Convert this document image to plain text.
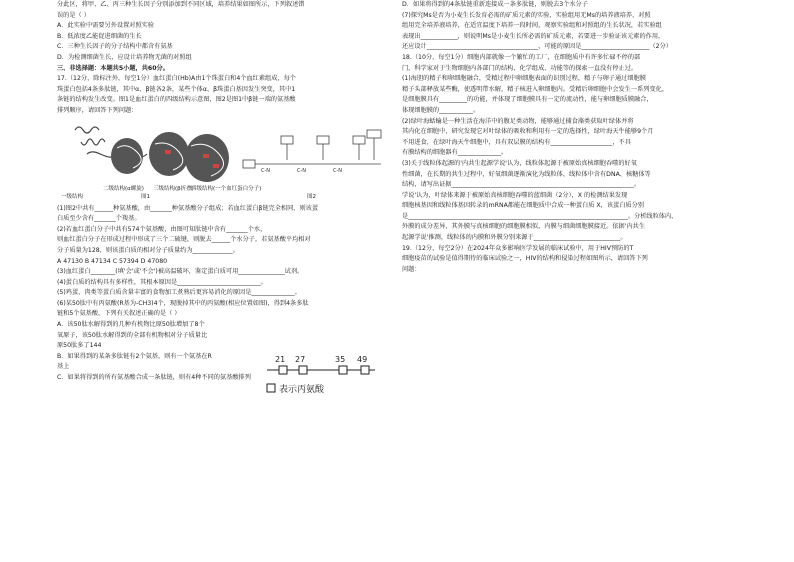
分此区，将甲、乙、丙三种生长因子分别添加到不同区域，培养结果如图所示，下列叙述错
误的是（ ）
A．此实验中需要另外设置对照实验
B．低浓度乙能促进细菌的生长
C．三种生长因子的分子结构中都含有氨基
D．为检测细菌生长，应设计培养物无菌的对照组
三、非选择题：本题共5小题，共60分。
17.（12分，除标注外，每空1分）血红蛋白(Hb)A由1个珠蛋白和4个血红素组成，每个
珠蛋白包括4条多肽链，其中α、β链各2条，某些个体α、β珠蛋白基因发生突变，其中1
条链的结构发生改变。图1是血红蛋白的四级结构示意图，图2是图1中β链一端的氨基酸
排列顺序，请回答下列问题：
一级结构
二级结构(α螺旋) 三级结构(β折叠)
四级结构(一个血红蛋白分子)
图1
C-N	C-N	C-N
图2
(1)图2中共有______种氨基酸，由_______种氨基酸分子组成；若血红蛋白β链完全相同，则该蛋
白质至少含有_______个羧基。
(2)若血红蛋白分子中共有574个氨基酸，由图可知肽链中含有_______个水，
则血红蛋白分子在形成过程中形成了三个二硫键，则脱去______个水分子，若氨基酸平均相对
分子质量为128，则该蛋白质的相对分子质量约为_____________。
A 47130 B 47134 C 57394 D 47080
(3)血红蛋白________(填'会'或'不会')被高温破坏，鉴定蛋白质可用_______________试剂。
(4)蛋白质的结构具有多样性，其根本原因是___________________________。
(5)鸡蛋、肉类等蛋白质含量丰富的食物加工煮熟后更容易消化的原因是______________。
(6)某50肽中有丙氨酸(R基为-CH3)4个，现脱掉其中的丙氨酸(相应位置如图)，得到4条多肽
链和5个氨基酸，下列有关叙述正确的是（ ）
A．该50肽水解得到的几种有机物比原50肽增加了8个
氧原子，该50肽水解得到的全部有机物相对分子质量比
原50肽多了144
B．如果得到的某条多肽链有2个氨基，则有一个氨基在R
基上
C．如果将得到的所有氨基酸合成一条肽链，则有4种不同的氨基酸排列
21 27	35 49
表示丙氨酸
D．如果将得到的4条肽链重新连接成一条多肽链，则脱去3个水分子
(7)探究Ms是否为小麦生长发育必需的矿质元素的实验，实验组用无Ms的培养液培养，对照
组用完全培养液培养，在适宜温度下培养一段时间，观察实验组和对照组的生长状况，若实验组
表现出____________，则说明Ms是小麦生长所必需的矿质元素，若要进一步验证该元素的作用，
还应设计____________________________________，可能的原因是______________________（2分）
18.（10分，每空1分）细胞内部就像一个繁忙的工厂，在细胞质中有许多忙碌不停的部
门，科学家对于生物细胞内各部门的结构、化学组成、功能等的探索一直没有停止过。
(1)海胆的精子和卵细胞融合，受精过程中卵细胞表面的识别过程，精子与卵子通过细胞膜
精子头部释放某些酶，使透明带水解，精子核进入卵细胞内。受精后卵细胞中会发生一系列变化，
是细胞膜具有_________的功能，并体现了细胞膜具有一定的流动性，能与卵细胞质膜融合，
体现细胞膜的___________。
(2)绿叶海蛞蝓是一种生活在海洋中的腹足类动物，能够通过捕食藻类获取叶绿体并将
其内化在细胞中，研究发现它对叶绿体的吸收和利用有一定的选择性，绿叶海天牛能够9个月
不用进食，在绿叶海天牛细胞中，具有双层膜的结构有____________________，不具
有膜结构的细胞器有______________。
(3)关于线粒体起源的'内共生起源学说'认为，线粒体起源于被原始真核细胞吞噬的好氧
性细菌，在长期的共生过程中，好氧细菌逐渐演化为线粒体，线粒体中含有DNA、核糖体等
结构，请写出证据___________________________________________________________。
学说'认为，叶绿体来源于被原始真核细胞吞噬的蓝细菌（2分），X 的检测结果发现
细胞核基因和线粒体基因转录的mRNA都能在细胞质中合成一种蛋白质 X，该蛋白质分别
是_______________________________________________________________________。分析线粒体内、
外膜的成分差异，其外膜与真核细胞的细胞膜相似，内膜与细菌细胞膜接近。依据'内共生
起源学说'推测，线粒体的内膜和外膜分别来源于____________________________。
19.（12分，每空2分）在2024年众多影响医学发展的临床试验中，用于HIV预防的T
细胞疫苗的试验是值得期待的临床试验之一，HIV的结构和侵染过程如图所示，请回答下列
问题：
